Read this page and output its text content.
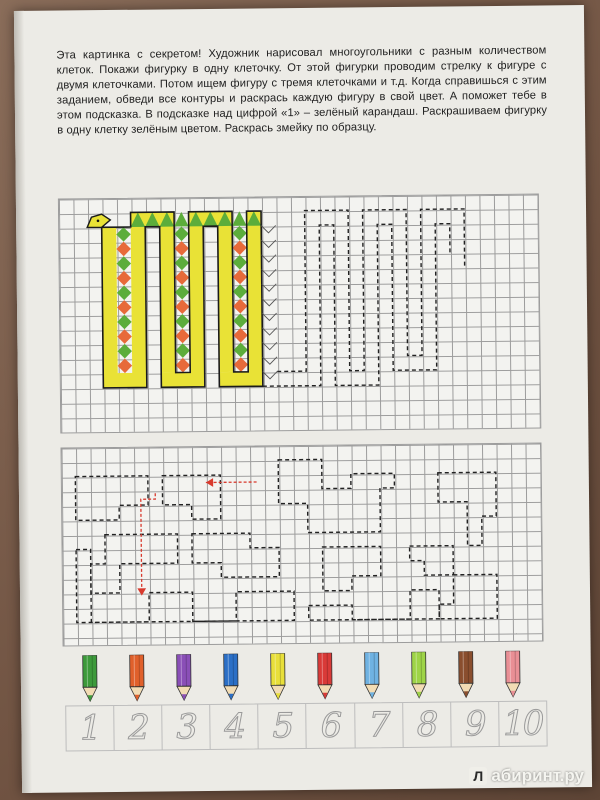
Эта картинка с секретом! Художник нарисовал многоугольники с разным количеством клеток. Покажи фигурку в одну клеточку. От этой фигурки проводим стрелку к фигуре с двумя клеточками. Потом ищем фигуру с тремя клеточками и т.д. Когда справишься с этим заданием, обведи все контуры и раскрась каждую фигуру в свой цвет. А поможет тебе в этом подсказка. В подсказке над цифрой «1» – зелёный карандаш. Раскрашиваем фигурку в одну клетку зелёным цветом. Раскрась змейку по образцу.
1 2 3 4 5 6 7 8 9 10
Л абиринт.ру
